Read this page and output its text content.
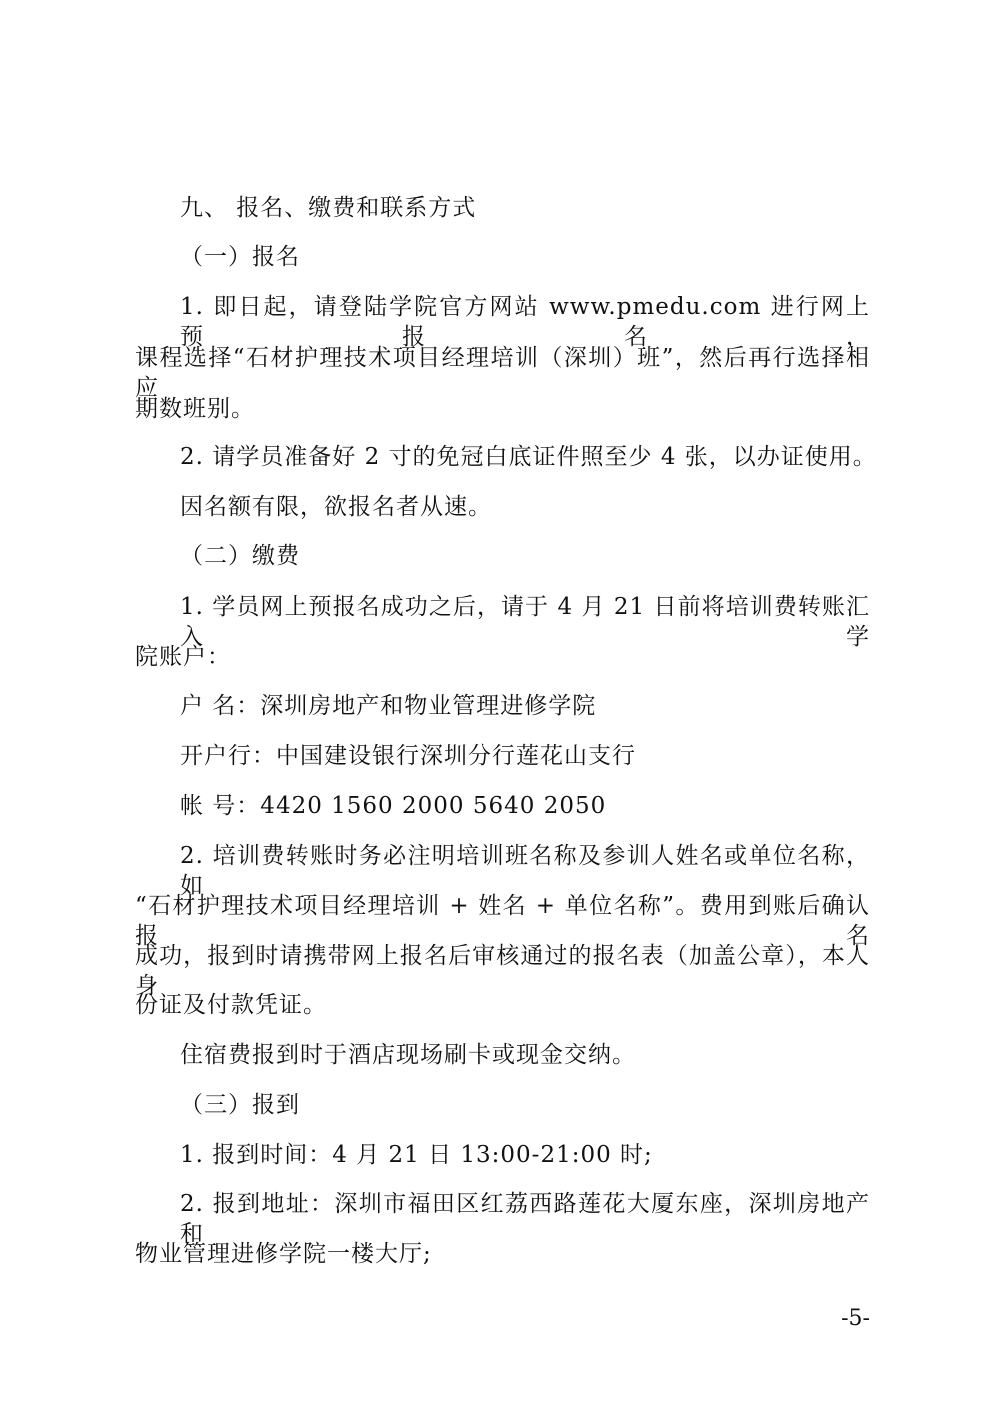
九、 报名、缴费和联系方式
（一）报名
1. 即日起，请登陆学院官方网站 www.pmedu.com 进行网上预报名，
课程选择“石材护理技术项目经理培训（深圳）班”，然后再行选择相应
期数班别。
2. 请学员准备好 2 寸的免冠白底证件照至少 4 张，以办证使用。
因名额有限，欲报名者从速。
（二）缴费
1. 学员网上预报名成功之后，请于 4 月 21 日前将培训费转账汇入学
院账户：
户 名：深圳房地产和物业管理进修学院
开户行：中国建设银行深圳分行莲花山支行
帐 号：4420 1560 2000 5640 2050
2. 培训费转账时务必注明培训班名称及参训人姓名或单位名称，如
“石材护理技术项目经理培训 + 姓名 + 单位名称”。费用到账后确认报名
成功，报到时请携带网上报名后审核通过的报名表（加盖公章），本人身
份证及付款凭证。
住宿费报到时于酒店现场刷卡或现金交纳。
（三）报到
1. 报到时间：4 月 21 日 13:00-21:00 时;
2. 报到地址：深圳市福田区红荔西路莲花大厦东座，深圳房地产和
物业管理进修学院一楼大厅;
-5-
